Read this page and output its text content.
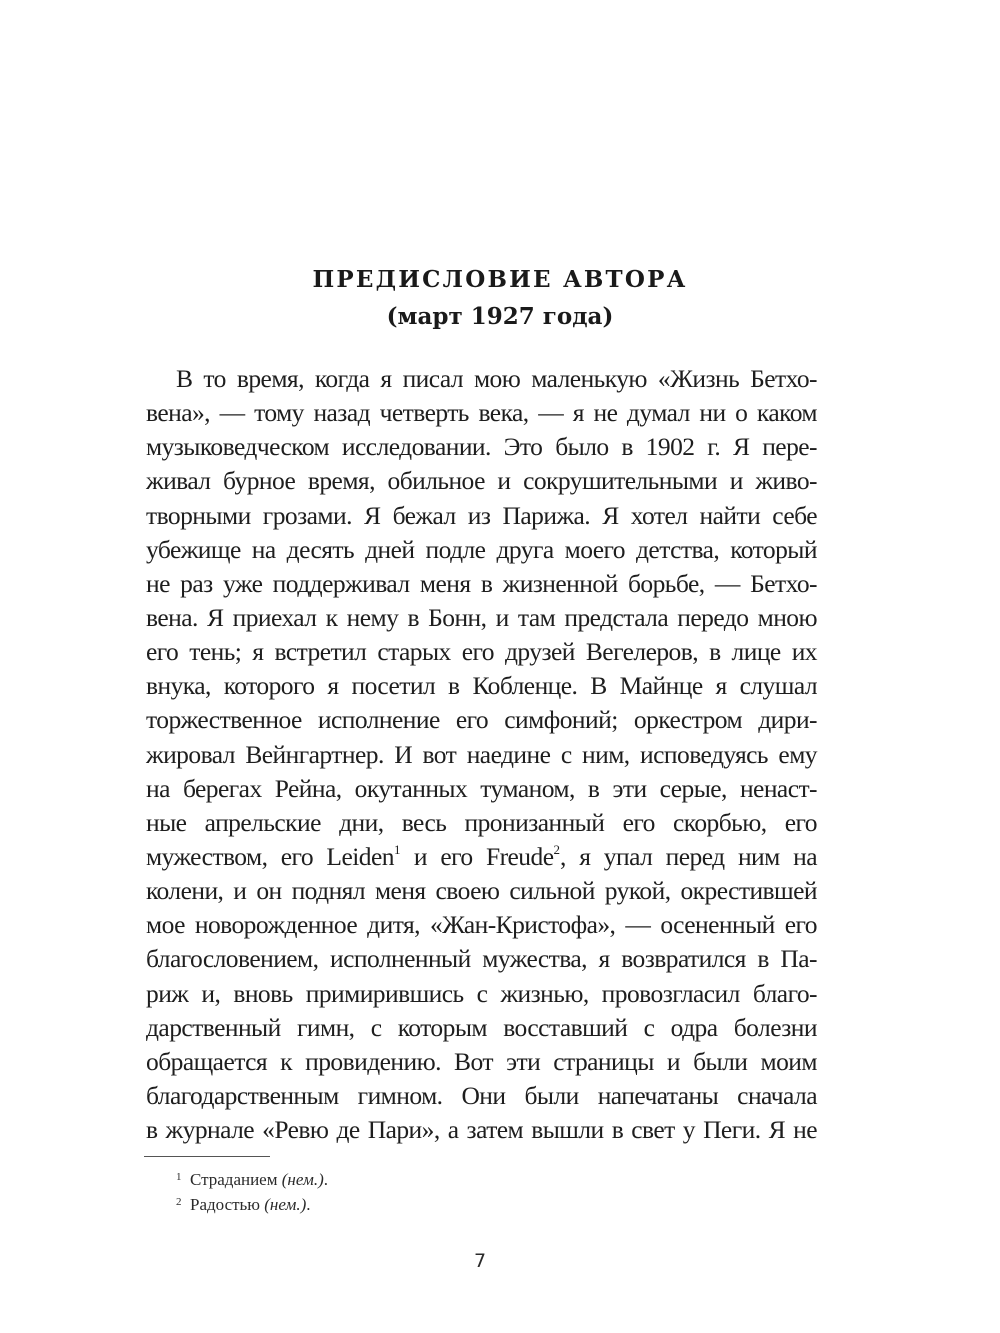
ПРЕДИСЛОВИЕ АВТОРА
(март 1927 года)
В то время, когда я писал мою маленькую «Жизнь Бетхо-
вена», — тому назад четверть века, — я не думал ни о каком
музыковедческом исследовании. Это было в 1902 г. Я пере-
живал бурное время, обильное и сокрушительными и живо-
творными грозами. Я бежал из Парижа. Я хотел найти себе
убежище на десять дней подле друга моего детства, который
не раз уже поддерживал меня в жизненной борьбе, — Бетхо-
вена. Я приехал к нему в Бонн, и там предстала передо мною
его тень; я встретил старых его друзей Вегелеров, в лице их
внука, которого я посетил в Кобленце. В Майнце я слушал
торжественное исполнение его симфоний; оркестром дири-
жировал Вейнгартнер. И вот наедине с ним, исповедуясь ему
на берегах Рейна, окутанных туманом, в эти серые, ненаст-
ные апрельские дни, весь пронизанный его скорбью, его
мужеством, его Leiden$^1$ и его Freude$^2$, я упал перед ним на
колени, и он поднял меня своею сильной рукой, окрестившей
мое новорожденное дитя, «Жан-Кристофа», — осененный его
благословением, исполненный мужества, я возвратился в Па-
риж и, вновь примирившись с жизнью, провозгласил благо-
дарственный гимн, с которым восставший с одра болезни
обращается к провидению. Вот эти страницы и были моим
благодарственным гимном. Они были напечатаны сначала
в журнале «Ревю де Пари», а затем вышли в свет у Пеги. Я не
1 Страданием (нем.).
2 Радостью (нем.).
7
